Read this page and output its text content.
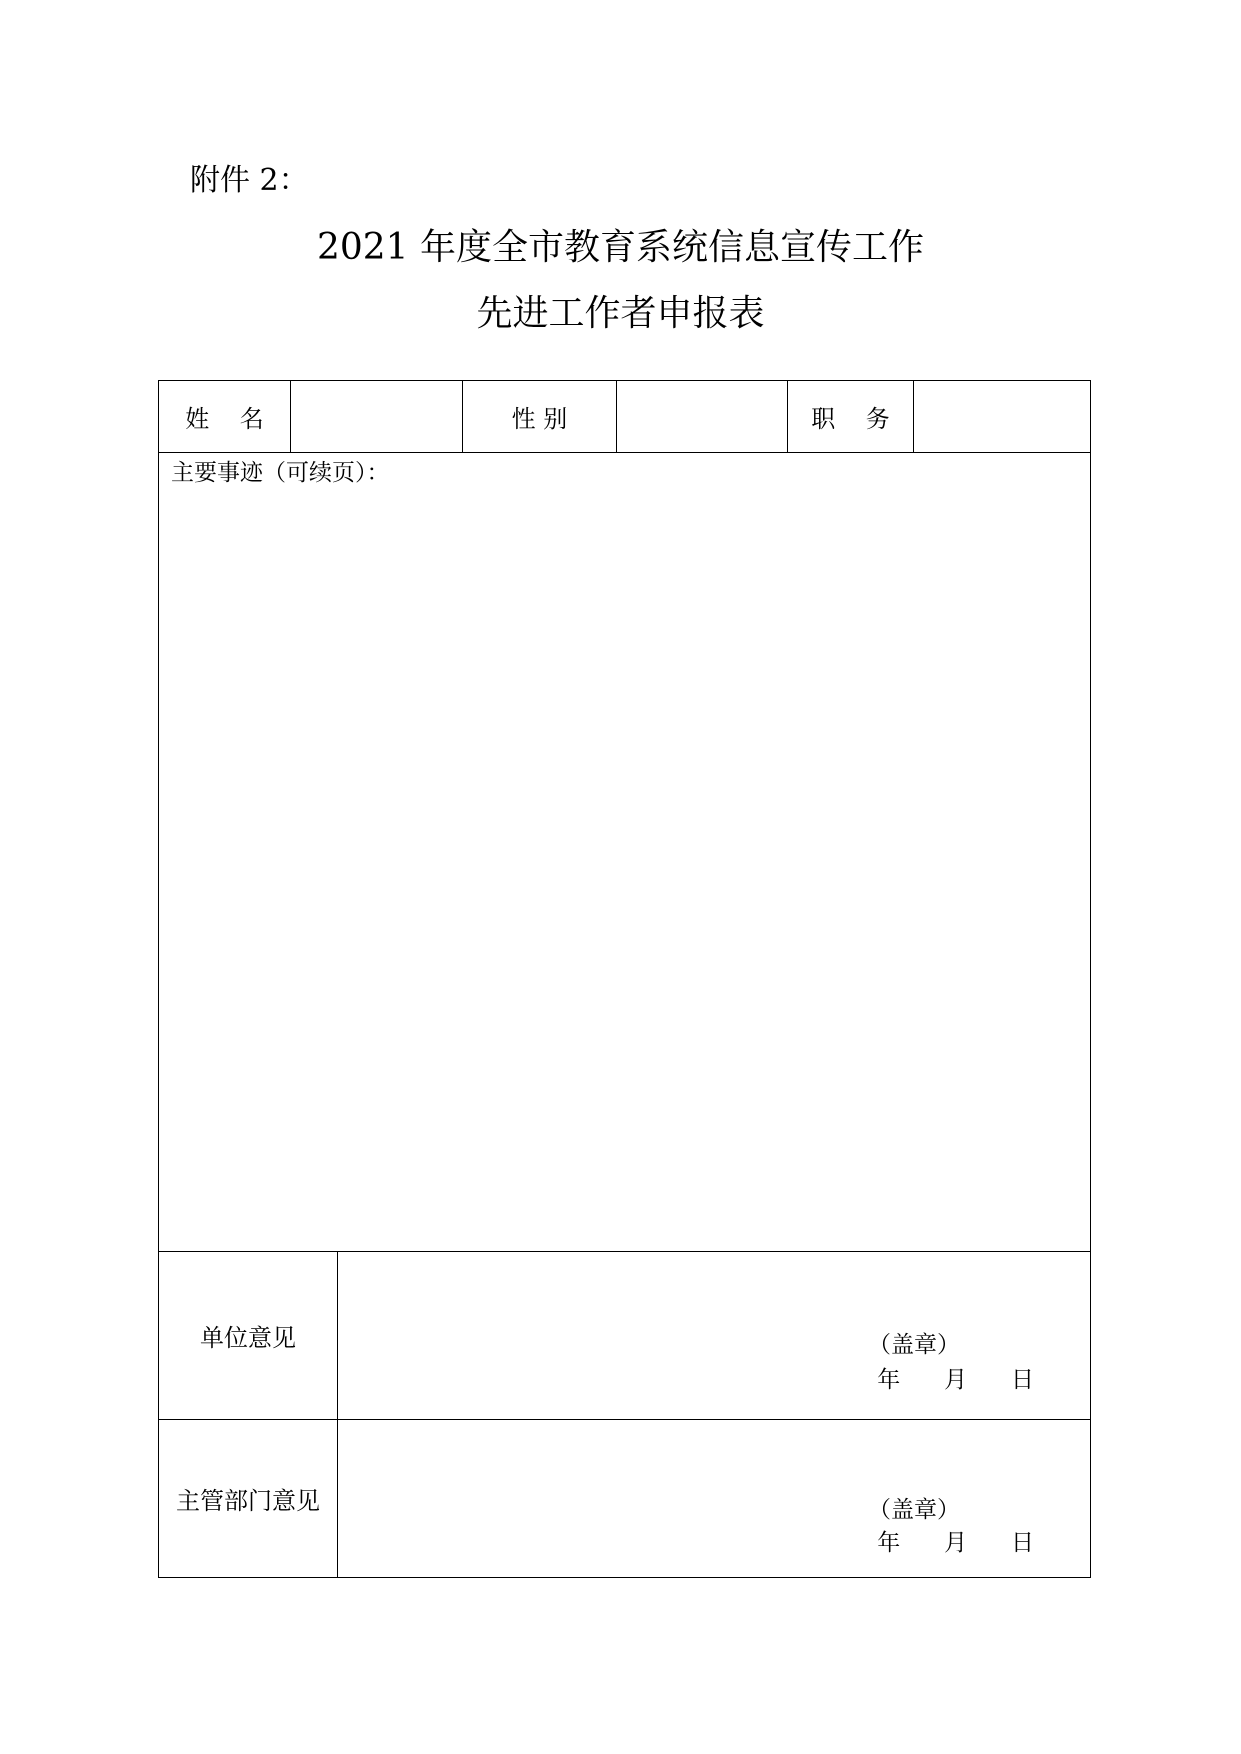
附件 2：
2021 年度全市教育系统信息宣传工作
先进工作者申报表
姓    名			性 别		职    务	

主要事迹（可续页）：						

单位意见		（盖章）
年      月      日				

主管部门意见		（盖章）
年      月      日				
